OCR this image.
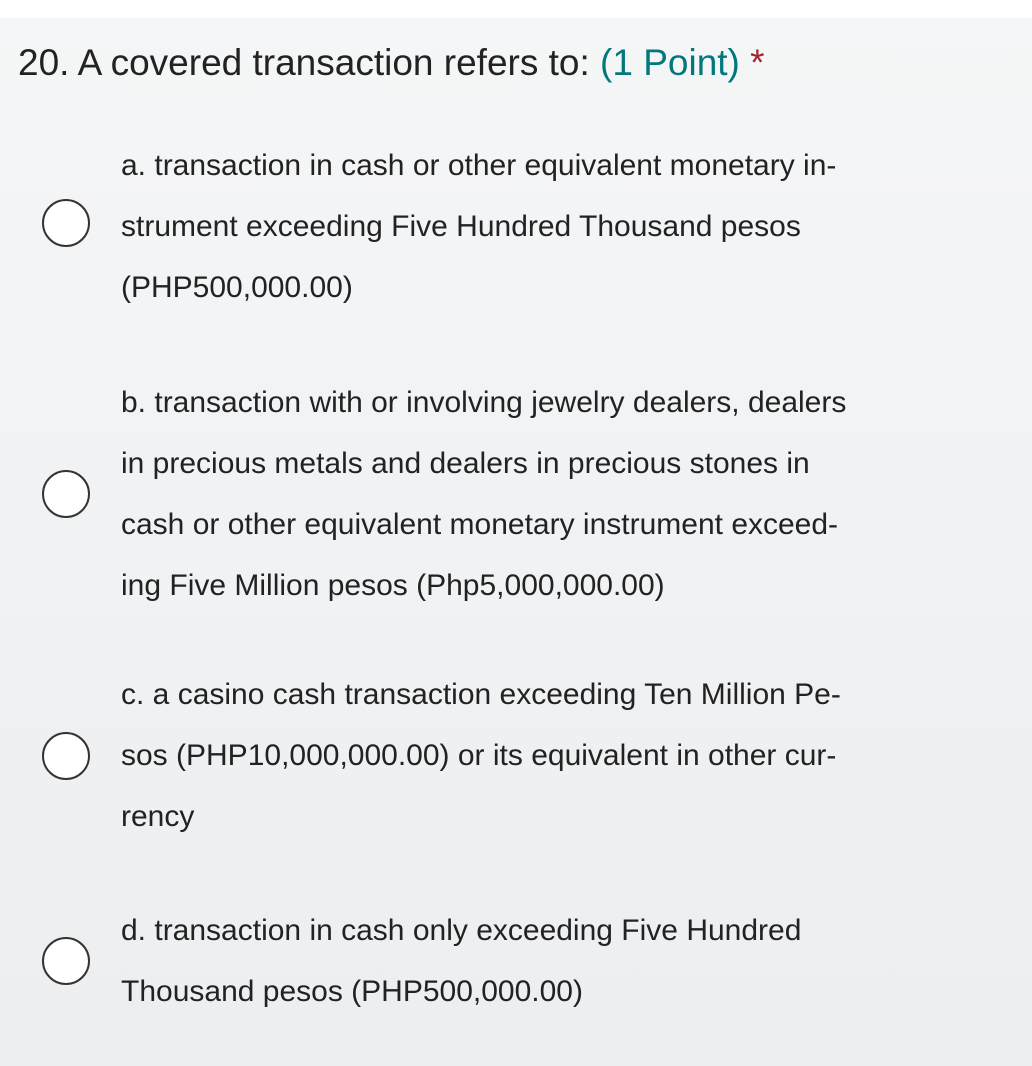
20. A covered transaction refers to: (1 Point) *
a. transaction in cash or other equivalent monetary in-
strument exceeding Five Hundred Thousand pesos
(PHP500,000.00)
b. transaction with or involving jewelry dealers, dealers
in precious metals and dealers in precious stones in
cash or other equivalent monetary instrument exceed-
ing Five Million pesos (Php5,000,000.00)
c. a casino cash transaction exceeding Ten Million Pe-
sos (PHP10,000,000.00) or its equivalent in other cur-
rency
d. transaction in cash only exceeding Five Hundred
Thousand pesos (PHP500,000.00)
